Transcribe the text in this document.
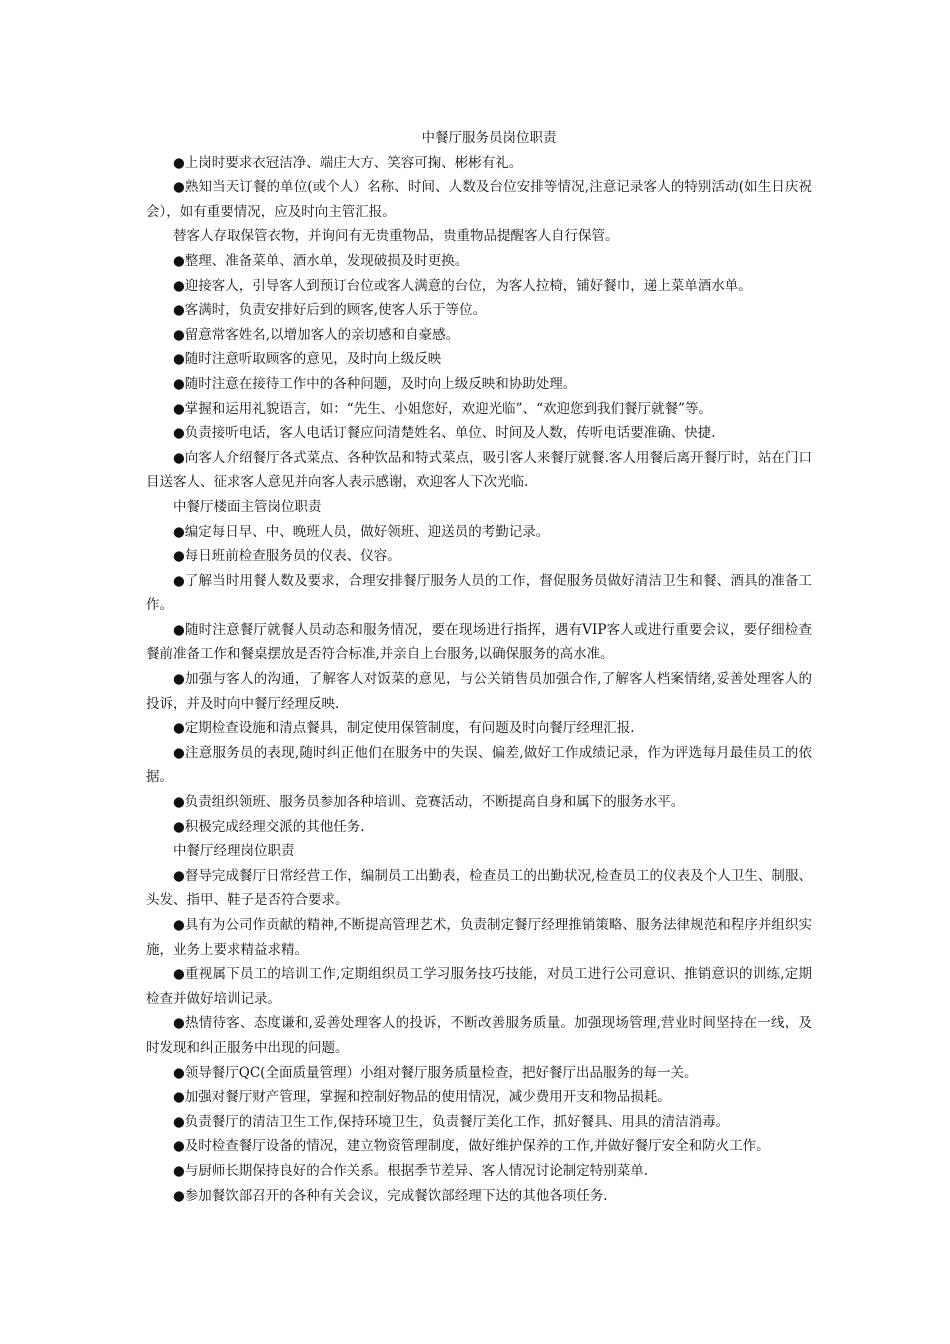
中餐厅服务员岗位职责

●上岗时要求衣冠洁净、端庄大方、笑容可掬、彬彬有礼。

●熟知当天订餐的单位(或个人）名称、时间、人数及台位安排等情况,注意记录客人的特别活动(如生日庆祝会），如有重要情况，应及时向主管汇报。

替客人存取保管衣物，并询问有无贵重物品，贵重物品提醒客人自行保管。

●整理、准备菜单、酒水单，发现破损及时更换。

●迎接客人，引导客人到预订台位或客人满意的台位，为客人拉椅，铺好餐巾，递上菜单酒水单。

●客满时，负责安排好后到的顾客,使客人乐于等位。

●留意常客姓名,以增加客人的亲切感和自豪感。

●随时注意听取顾客的意见，及时向上级反映

●随时注意在接待工作中的各种问题，及时向上级反映和协助处理。

●掌握和运用礼貌语言，如：“先生、小姐您好，欢迎光临”、“欢迎您到我们餐厅就餐”等。

●负责接听电话，客人电话订餐应问清楚姓名、单位、时间及人数，传听电话要准确、快捷.

●向客人介绍餐厅各式菜点、各种饮品和特式菜点，吸引客人来餐厅就餐.客人用餐后离开餐厅时，站在门口目送客人、征求客人意见并向客人表示感谢，欢迎客人下次光临.

中餐厅楼面主管岗位职责

●编定每日早、中、晚班人员，做好领班、迎送员的考勤记录。

●每日班前检查服务员的仪表、仪容。

●了解当时用餐人数及要求，合理安排餐厅服务人员的工作，督促服务员做好清洁卫生和餐、酒具的准备工作。

●随时注意餐厅就餐人员动态和服务情况，要在现场进行指挥，遇有VIP客人或进行重要会议，要仔细检查餐前准备工作和餐桌摆放是否符合标准,并亲自上台服务,以确保服务的高水准。

●加强与客人的沟通，了解客人对饭菜的意见，与公关销售员加强合作,了解客人档案情绪,妥善处理客人的投诉，并及时向中餐厅经理反映.

●定期检查设施和清点餐具，制定使用保管制度，有问题及时向餐厅经理汇报.

●注意服务员的表现,随时纠正他们在服务中的失误、偏差,做好工作成绩记录，作为评选每月最佳员工的依据。

●负责组织领班、服务员参加各种培训、竞赛活动，不断提高自身和属下的服务水平。

●积极完成经理交派的其他任务.

中餐厅经理岗位职责

●督导完成餐厅日常经营工作，编制员工出勤表，检查员工的出勤状况,检查员工的仪表及个人卫生、制服、头发、指甲、鞋子是否符合要求。

●具有为公司作贡献的精神,不断提高管理艺术，负责制定餐厅经理推销策略、服务法律规范和程序并组织实施，业务上要求精益求精。

●重视属下员工的培训工作,定期组织员工学习服务技巧技能，对员工进行公司意识、推销意识的训练,定期检查并做好培训记录。

●热情待客、态度谦和,妥善处理客人的投诉，不断改善服务质量。加强现场管理,营业时间坚持在一线，及时发现和纠正服务中出现的问题。

●领导餐厅QC(全面质量管理）小组对餐厅服务质量检查，把好餐厅出品服务的每一关。

●加强对餐厅财产管理，掌握和控制好物品的使用情况，减少费用开支和物品损耗。

●负责餐厅的清洁卫生工作,保持环境卫生，负责餐厅美化工作，抓好餐具、用具的清洁消毒。

●及时检查餐厅设备的情况，建立物资管理制度，做好维护保养的工作,并做好餐厅安全和防火工作。

●与厨师长期保持良好的合作关系。根据季节差异、客人情况讨论制定特别菜单.

●参加餐饮部召开的各种有关会议，完成餐饮部经理下达的其他各项任务.
